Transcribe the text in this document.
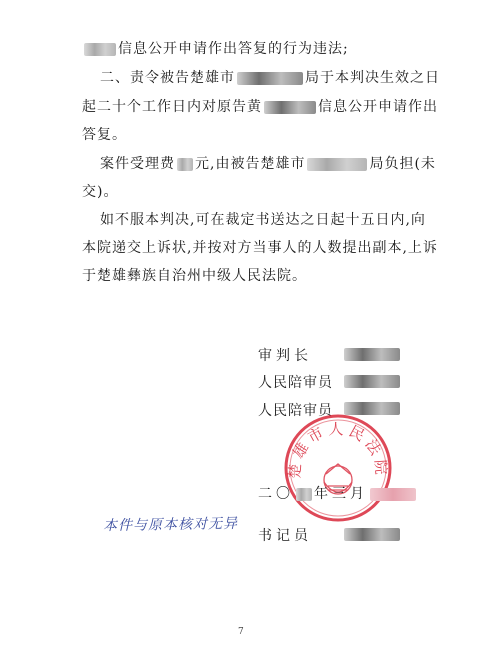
信息公开申请作出答复的行为违法;
二、责令被告楚雄市	局于本判决生效之日
起二十个工作日内对原告黄	信息公开申请作出
答复。
案件受理费 元,由被告楚雄市	局负担(未
交)。
如不服本判决,可在裁定书送达之日起十五日内,向
本院递交上诉状,并按对方当事人的人数提出副本,上诉
于楚雄彝族自治州中级人民法院。
审判长
人民陪审员
人民陪审员
楚雄市人民法院
二〇 年三月
本件与原本核对无异
书记员
7
